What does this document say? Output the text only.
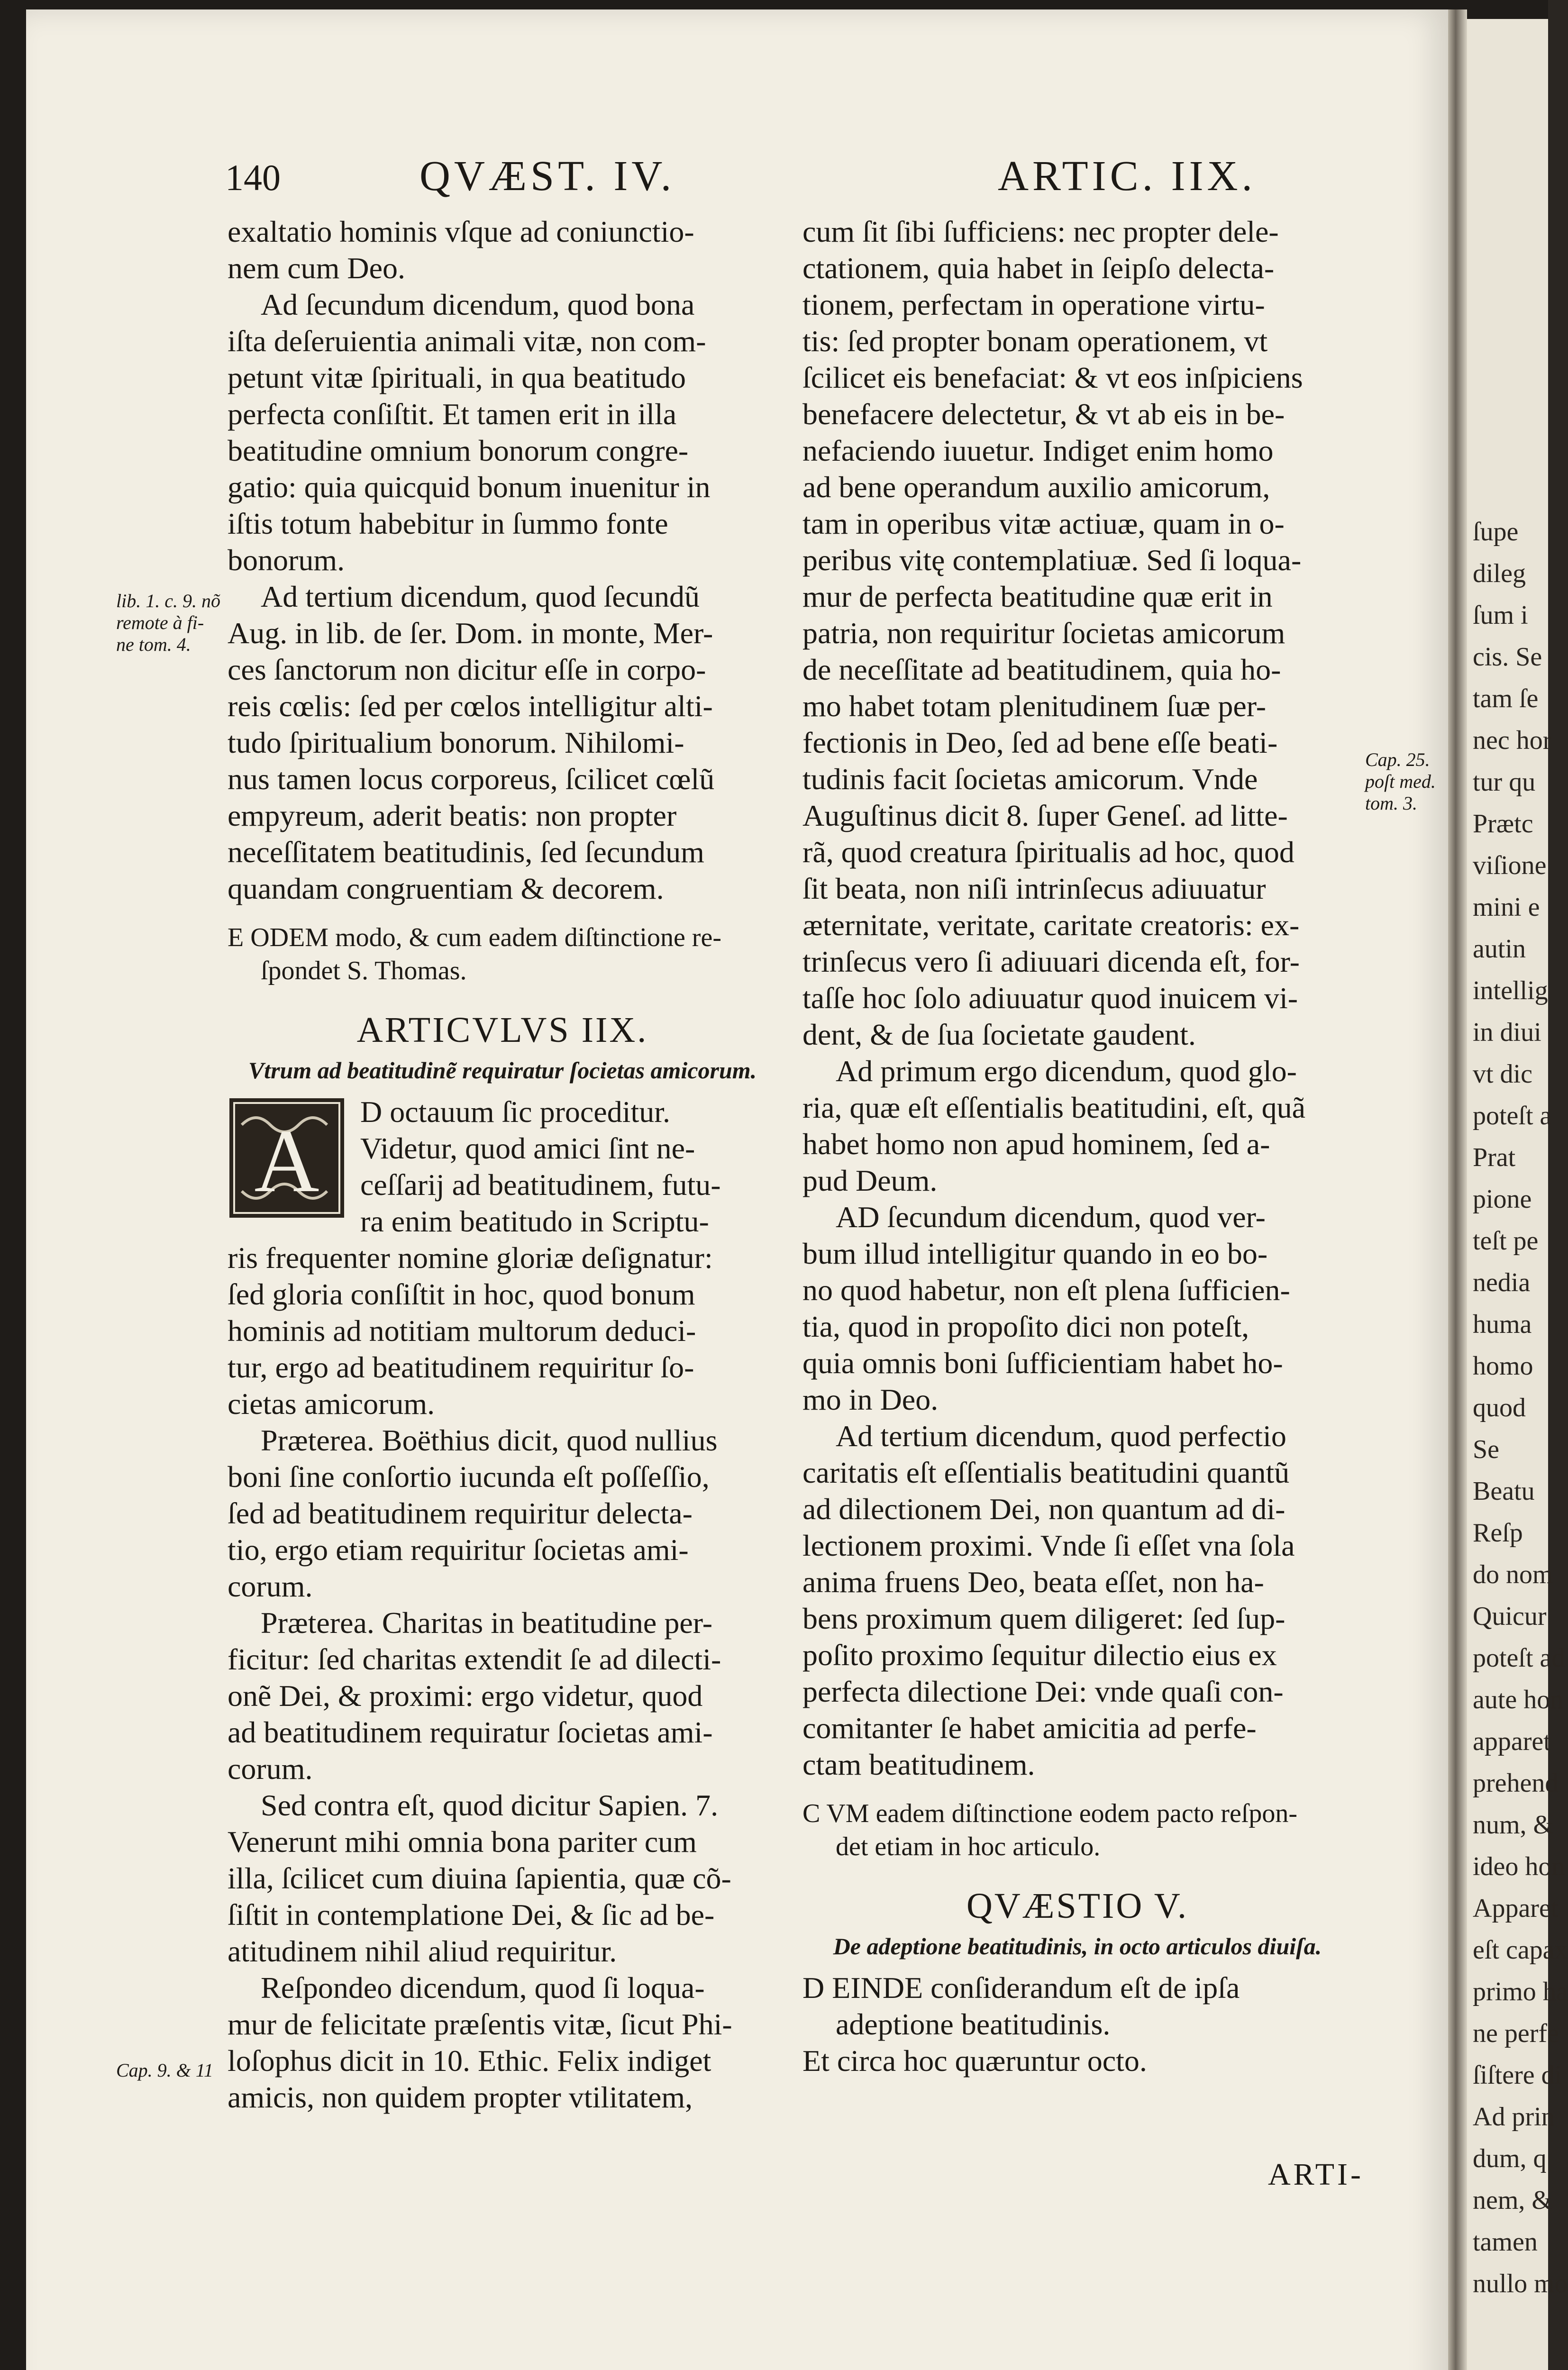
140	QVÆST. IV.	ARTIC. IIX.
exaltatio hominis vſque ad coniunctio-
nem cum Deo.
Ad ſecundum dicendum, quod bona
iſta deſeruientia animali vitæ, non com-
petunt vitæ ſpirituali, in qua beatitudo
perfecta conſiſtit. Et tamen erit in illa
beatitudine omnium bonorum congre-
gatio: quia quicquid bonum inuenitur in
iſtis totum habebitur in ſummo fonte
bonorum.
Ad tertium dicendum, quod ſecundũ
Aug. in lib. de ſer. Dom. in monte, Mer-
ces ſanctorum non dicitur eſſe in corpo-
reis cœlis: ſed per cœlos intelligitur alti-
tudo ſpiritualium bonorum. Nihilomi-
nus tamen locus corporeus, ſcilicet cœlũ
empyreum, aderit beatis: non propter
neceſſitatem beatitudinis, ſed ſecundum
quandam congruentiam & decorem.
E ODEM modo, & cum eadem diſtinctione re-
ſpondet S. Thomas.
ARTICVLVS IIX.
Vtrum ad beatitudinẽ requiratur ſocietas amicorum.
A	D octauum ſic proceditur.
Videtur, quod amici ſint ne-
ceſſarij ad beatitudinem, futu-
ra enim beatitudo in Scriptu-
ris frequenter nomine gloriæ deſignatur:
ſed gloria conſiſtit in hoc, quod bonum
hominis ad notitiam multorum deduci-
tur, ergo ad beatitudinem requiritur ſo-
cietas amicorum.
Præterea. Boëthius dicit, quod nullius
boni ſine conſortio iucunda eſt poſſeſſio,
ſed ad beatitudinem requiritur delecta-
tio, ergo etiam requiritur ſocietas ami-
corum.
Præterea. Charitas in beatitudine per-
ficitur: ſed charitas extendit ſe ad dilecti-
onẽ Dei, & proximi: ergo videtur, quod
ad beatitudinem requiratur ſocietas ami-
corum.
Sed contra eſt, quod dicitur Sapien. 7.
Venerunt mihi omnia bona pariter cum
illa, ſcilicet cum diuina ſapientia, quæ cõ-
ſiſtit in contemplatione Dei, & ſic ad be-
atitudinem nihil aliud requiritur.
Reſpondeo dicendum, quod ſi loqua-
mur de felicitate præſentis vitæ, ſicut Phi-
loſophus dicit in 10. Ethic. Felix indiget
amicis, non quidem propter vtilitatem,
cum ſit ſibi ſufficiens: nec propter dele-
ctationem, quia habet in ſeipſo delecta-
tionem, perfectam in operatione virtu-
tis: ſed propter bonam operationem, vt
ſcilicet eis benefaciat: & vt eos inſpiciens
benefacere delectetur, & vt ab eis in be-
nefaciendo iuuetur. Indiget enim homo
ad bene operandum auxilio amicorum,
tam in operibus vitæ actiuæ, quam in o-
peribus vitę contemplatiuæ. Sed ſi loqua-
mur de perfecta beatitudine quæ erit in
patria, non requiritur ſocietas amicorum
de neceſſitate ad beatitudinem, quia ho-
mo habet totam plenitudinem ſuæ per-
fectionis in Deo, ſed ad bene eſſe beati-
tudinis facit ſocietas amicorum. Vnde
Auguſtinus dicit 8. ſuper Geneſ. ad litte-
rã, quod creatura ſpiritualis ad hoc, quod
ſit beata, non niſi intrinſecus adiuuatur
æternitate, veritate, caritate creatoris: ex-
trinſecus vero ſi adiuuari dicenda eſt, for-
taſſe hoc ſolo adiuuatur quod inuicem vi-
dent, & de ſua ſocietate gaudent.
Ad primum ergo dicendum, quod glo-
ria, quæ eſt eſſentialis beatitudini, eſt, quã
habet homo non apud hominem, ſed a-
pud Deum.
AD ſecundum dicendum, quod ver-
bum illud intelligitur quando in eo bo-
no quod habetur, non eſt plena ſufficien-
tia, quod in propoſito dici non poteſt,
quia omnis boni ſufficientiam habet ho-
mo in Deo.
Ad tertium dicendum, quod perfectio
caritatis eſt eſſentialis beatitudini quantũ
ad dilectionem Dei, non quantum ad di-
lectionem proximi. Vnde ſi eſſet vna ſola
anima fruens Deo, beata eſſet, non ha-
bens proximum quem diligeret: ſed ſup-
poſito proximo ſequitur dilectio eius ex
perfecta dilectione Dei: vnde quaſi con-
comitanter ſe habet amicitia ad perfe-
ctam beatitudinem.
C VM eadem diſtinctione eodem pacto reſpon-
det etiam in hoc articulo.
QVÆSTIO V.
De adeptione beatitudinis, in octo articulos diuiſa.
D EINDE conſiderandum eſt de ipſa
adeptione beatitudinis.
Et circa hoc quæruntur octo.
ARTI-
lib. 1. c. 9. nõ
remote à fi-
ne tom. 4.
Cap. 9. & 11
Cap. 25.
poſt med.
tom. 3.
ſupe
dileg
ſum i
cis. Se
tam ſe
nec hor
tur qu
Prætc
viſione
mini e
autin
intellig
in diui
vt dic
poteſt a
Prat
pione
teſt pe
nedia
huma
homo
quod
Se
Beatu
Reſp
do nom
Quicur
poteſt ad
aute hon
apparet
prehend
num, &
ideo hon
Apparet
eſt capax
primo ha
ne perfe
ſiſtere di
Ad prin
dum, q
nem, &
tamen
nullo mo
